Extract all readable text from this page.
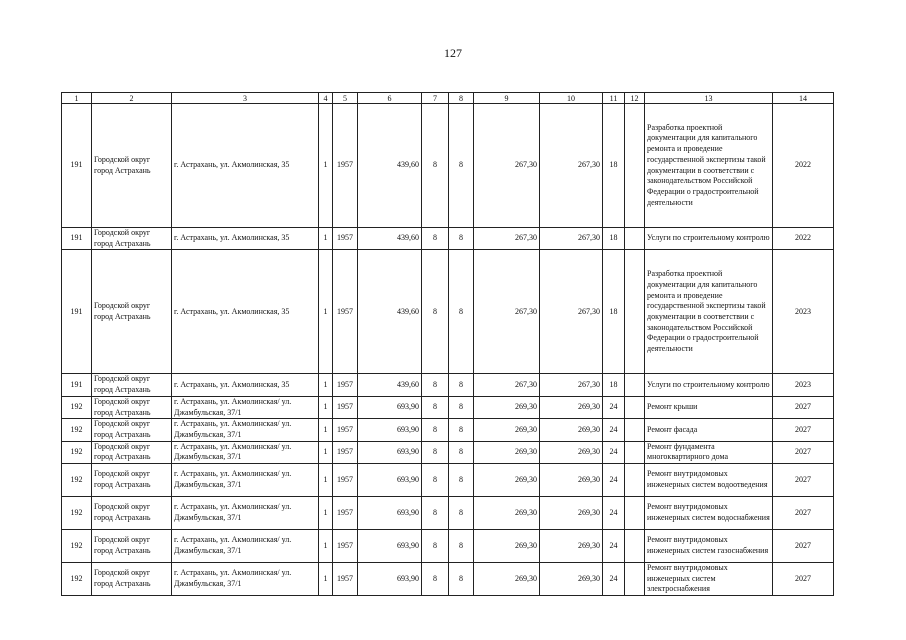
127
1	2	3	4	5	6	7	8	9	10	11	12	13	14
191	Городской округ город Астрахань	г. Астрахань, ул. Акмолинская, 35	1	1957	439,60	8	8	267,30	267,30	18		Разработка проектной документации для капитального ремонта и проведение государственной экспертизы такой документации в соответствии с законодательством Российской Федерации о градостроительной деятельности	2022
191	Городской округ город Астрахань	г. Астрахань, ул. Акмолинская, 35	1	1957	439,60	8	8	267,30	267,30	18		Услуги по строительному контролю	2022
191	Городской округ город Астрахань	г. Астрахань, ул. Акмолинская, 35	1	1957	439,60	8	8	267,30	267,30	18		Разработка проектной документации для капитального ремонта и проведение государственной экспертизы такой документации в соответствии с законодательством Российской Федерации о градостроительной деятельности	2023
191	Городской округ город Астрахань	г. Астрахань, ул. Акмолинская, 35	1	1957	439,60	8	8	267,30	267,30	18		Услуги по строительному контролю	2023
192	Городской округ город Астрахань	г. Астрахань, ул. Акмолинская/ ул. Джамбульская, 37/1	1	1957	693,90	8	8	269,30	269,30	24		Ремонт крыши	2027
192	Городской округ город Астрахань	г. Астрахань, ул. Акмолинская/ ул. Джамбульская, 37/1	1	1957	693,90	8	8	269,30	269,30	24		Ремонт фасада	2027
192	Городской округ город Астрахань	г. Астрахань, ул. Акмолинская/ ул. Джамбульская, 37/1	1	1957	693,90	8	8	269,30	269,30	24		Ремонт фундамента многоквартирного дома	2027
192	Городской округ город Астрахань	г. Астрахань, ул. Акмолинская/ ул. Джамбульская, 37/1	1	1957	693,90	8	8	269,30	269,30	24		Ремонт внутридомовых инженерных систем водоотведения	2027
192	Городской округ город Астрахань	г. Астрахань, ул. Акмолинская/ ул. Джамбульская, 37/1	1	1957	693,90	8	8	269,30	269,30	24		Ремонт внутридомовых инженерных систем водоснабжения	2027
192	Городской округ город Астрахань	г. Астрахань, ул. Акмолинская/ ул. Джамбульская, 37/1	1	1957	693,90	8	8	269,30	269,30	24		Ремонт внутридомовых инженерных систем газоснабжения	2027
192	Городской округ город Астрахань	г. Астрахань, ул. Акмолинская/ ул. Джамбульская, 37/1	1	1957	693,90	8	8	269,30	269,30	24		Ремонт внутридомовых инженерных систем электроснабжения	2027
